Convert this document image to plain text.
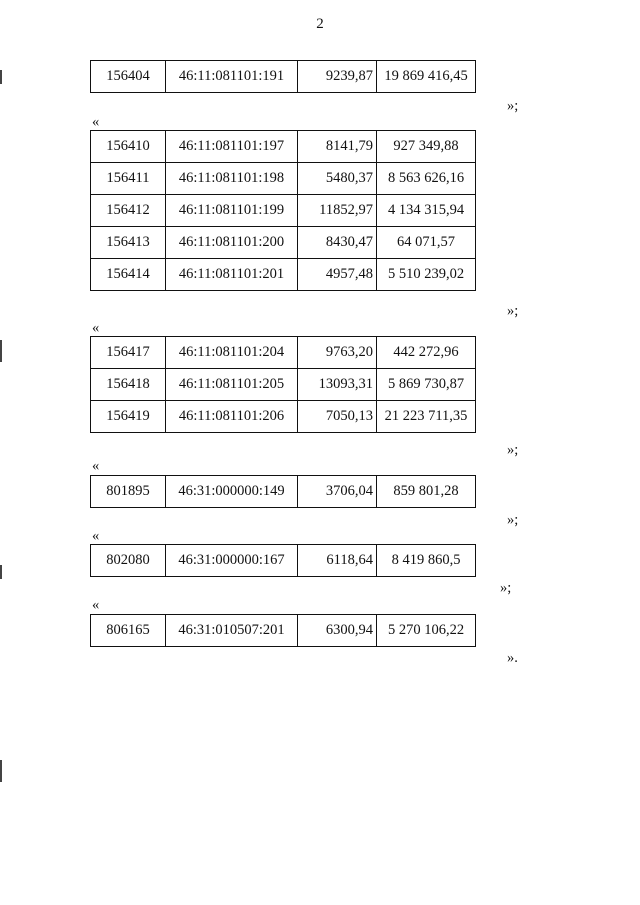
2
156404	46:11:081101:191	9239,87	19 869 416,45
»;
«
156410	46:11:081101:197	8141,79	927 349,88
156411	46:11:081101:198	5480,37	8 563 626,16
156412	46:11:081101:199	11852,97	4 134 315,94
156413	46:11:081101:200	8430,47	64 071,57
156414	46:11:081101:201	4957,48	5 510 239,02
»;
«
156417	46:11:081101:204	9763,20	442 272,96
156418	46:11:081101:205	13093,31	5 869 730,87
156419	46:11:081101:206	7050,13	21 223 711,35
»;
«
801895	46:31:000000:149	3706,04	859 801,28
»;
«
802080	46:31:000000:167	6118,64	8 419 860,5
»;
«
806165	46:31:010507:201	6300,94	5 270 106,22
».
